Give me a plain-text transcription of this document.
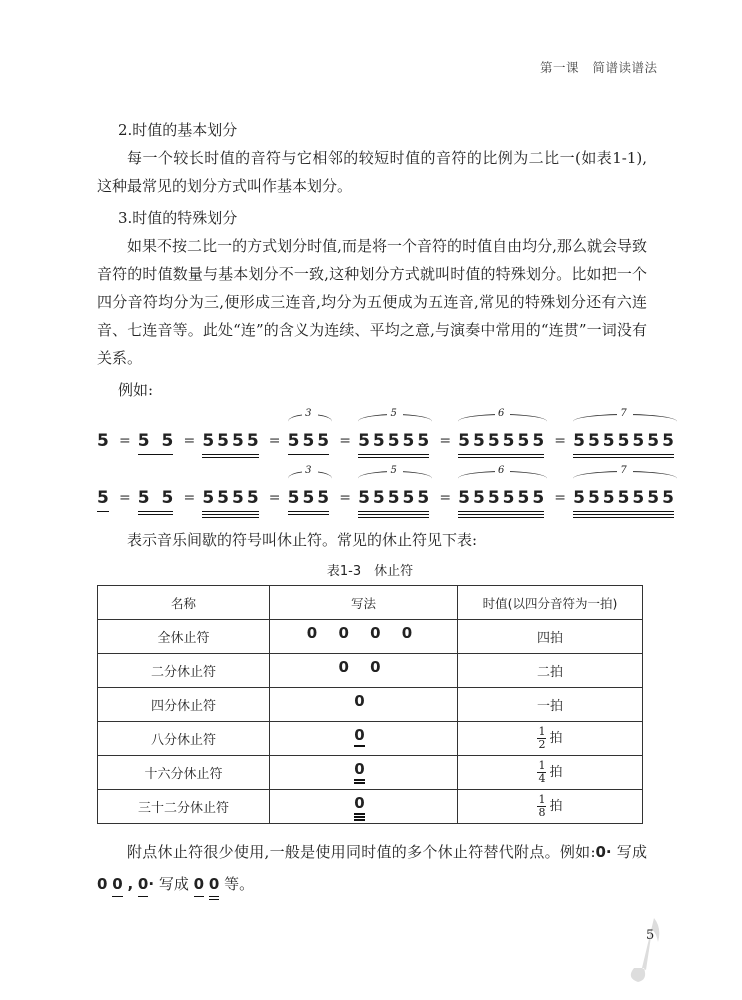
第一课 简谱读谱法

2.时值的基本划分

每一个较长时值的音符与它相邻的较短时值的音符的比例为二比一(如表1-1),这种最常见的划分方式叫作基本划分。

3.时值的特殊划分

如果不按二比一的方式划分时值,而是将一个音符的时值自由均分,那么就会导致音符的时值数量与基本划分不一致,这种划分方式就叫时值的特殊划分。比如把一个四分音符均分为三,便形成三连音,均分为五便成为五连音,常见的特殊划分还有六连音、七连音等。此处“连”的含义为连续、平均之意,与演奏中常用的“连贯”一词没有关系。

例如:

5 = 5 5 = 5555 = 555
3
= 55555
5
= 555555
6
= 5555555
7
5 = 5 5 = 5555 = 555
3
= 55555
5
= 555555
6
= 5555555
7

表示音乐间歇的符号叫休止符。常见的休止符见下表:

表1-3　休止符
名称	写法	时值(以四分音符为一拍)
全休止符	0 0 0 0	四拍
二分休止符	0 0	二拍
四分休止符	0	一拍
八分休止符	0	$\frac{1}{2}$ 拍
十六分休止符	0	$\frac{1}{4}$ 拍
三十二分休止符	0	$\frac{1}{8}$ 拍

附点休止符很少使用,一般是使用同时值的多个休止符替代附点。例如:0· 写成 0 0 , 0· 写成 0 0 等。

5
